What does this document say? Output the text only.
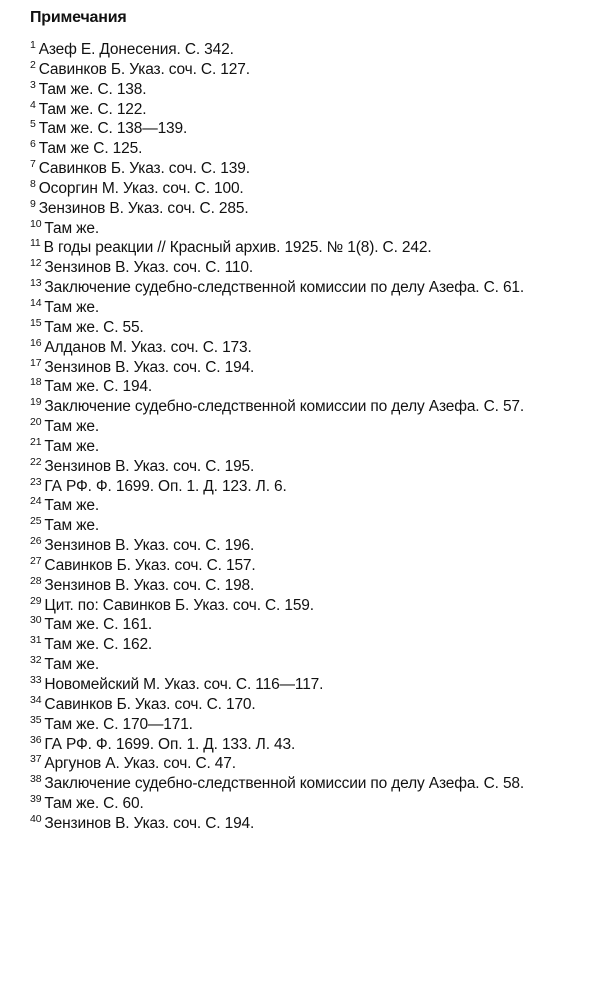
Примечания
1 Азеф Е. Донесения. С. 342.
2 Савинков Б. Указ. соч. С. 127.
3 Там же. С. 138.
4 Там же. С. 122.
5 Там же. С. 138—139.
6 Там же С. 125.
7 Савинков Б. Указ. соч. С. 139.
8 Осоргин М. Указ. соч. С. 100.
9 Зензинов В. Указ. соч. С. 285.
10 Там же.
11 В годы реакции // Красный архив. 1925. № 1(8). С. 242.
12 Зензинов В. Указ. соч. С. 110.
13 Заключение судебно-следственной комиссии по делу Азефа. С. 61.
14 Там же.
15 Там же. С. 55.
16 Алданов М. Указ. соч. С. 173.
17 Зензинов В. Указ. соч. С. 194.
18 Там же. С. 194.
19 Заключение судебно-следственной комиссии по делу Азефа. С. 57.
20 Там же.
21 Там же.
22 Зензинов В. Указ. соч. С. 195.
23 ГА РФ. Ф. 1699. Оп. 1. Д. 123. Л. 6.
24 Там же.
25 Там же.
26 Зензинов В. Указ. соч. С. 196.
27 Савинков Б. Указ. соч. С. 157.
28 Зензинов В. Указ. соч. С. 198.
29 Цит. по: Савинков Б. Указ. соч. С. 159.
30 Там же. С. 161.
31 Там же. С. 162.
32 Там же.
33 Новомейский М. Указ. соч. С. 116—117.
34 Савинков Б. Указ. соч. С. 170.
35 Там же. С. 170—171.
36 ГА РФ. Ф. 1699. Оп. 1. Д. 133. Л. 43.
37 Аргунов А. Указ. соч. С. 47.
38 Заключение судебно-следственной комиссии по делу Азефа. С. 58.
39 Там же. С. 60.
40 Зензинов В. Указ. соч. С. 194.
